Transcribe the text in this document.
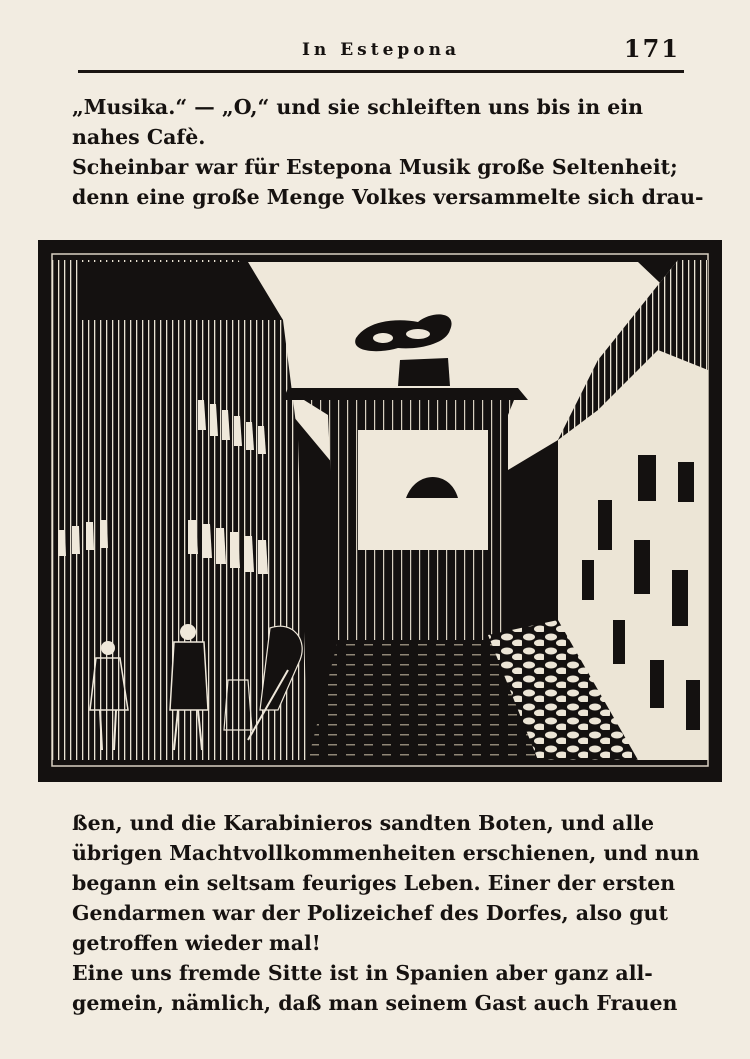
In Estepona	171
„Musika.“ — „O,“ und sie schleiften uns bis in ein
nahes Cafè.
Scheinbar war für Estepona Musik große Seltenheit;
denn eine große Menge Volkes versammelte sich drau-
ßen, und die Karabinieros sandten Boten, und alle
übrigen Machtvollkommenheiten erschienen, und nun
begann ein seltsam feuriges Leben. Einer der ersten
Gendarmen war der Polizeichef des Dorfes, also gut
getroffen wieder mal!
Eine uns fremde Sitte ist in Spanien aber ganz all-
gemein, nämlich, daß man seinem Gast auch Frauen
